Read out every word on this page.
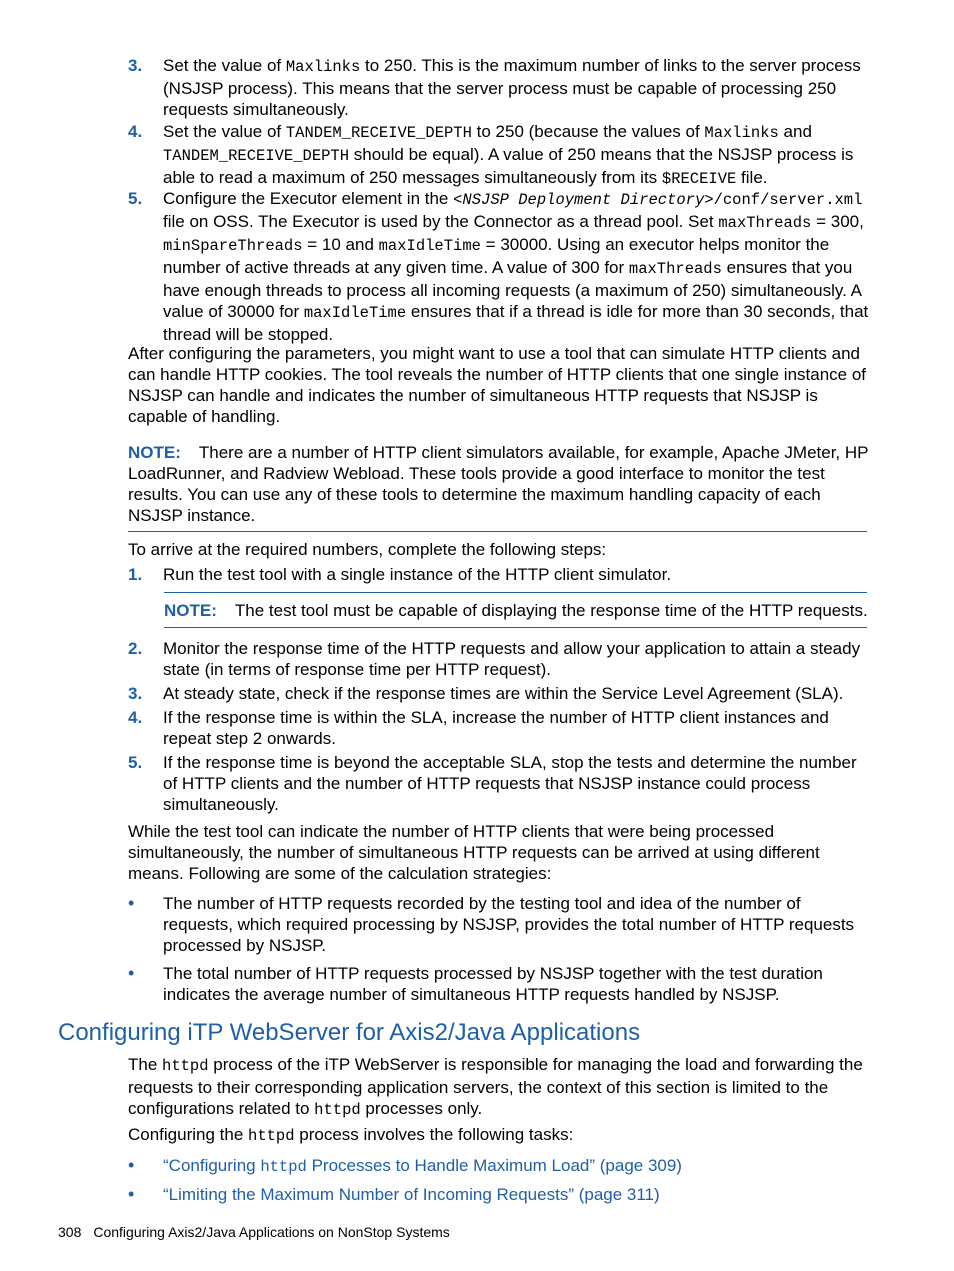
3. Set the value of Maxlinks to 250. This is the maximum number of links to the server process (NSJSP process). This means that the server process must be capable of processing 250 requests simultaneously.
4. Set the value of TANDEM_RECEIVE_DEPTH to 250 (because the values of Maxlinks and TANDEM_RECEIVE_DEPTH should be equal). A value of 250 means that the NSJSP process is able to read a maximum of 250 messages simultaneously from its $RECEIVE file.
5. Configure the Executor element in the <NSJSP Deployment Directory>/conf/server.xml file on OSS. The Executor is used by the Connector as a thread pool. Set maxThreads = 300, minSpareThreads = 10 and maxIdleTime = 30000. Using an executor helps monitor the number of active threads at any given time. A value of 300 for maxThreads ensures that you have enough threads to process all incoming requests (a maximum of 250) simultaneously. A value of 30000 for maxIdleTime ensures that if a thread is idle for more than 30 seconds, that thread will be stopped.
After configuring the parameters, you might want to use a tool that can simulate HTTP clients and can handle HTTP cookies. The tool reveals the number of HTTP clients that one single instance of NSJSP can handle and indicates the number of simultaneous HTTP requests that NSJSP is capable of handling.
NOTE: There are a number of HTTP client simulators available, for example, Apache JMeter, HP LoadRunner, and Radview Webload. These tools provide a good interface to monitor the test results. You can use any of these tools to determine the maximum handling capacity of each NSJSP instance.
To arrive at the required numbers, complete the following steps:
1. Run the test tool with a single instance of the HTTP client simulator.
NOTE: The test tool must be capable of displaying the response time of the HTTP requests.
2. Monitor the response time of the HTTP requests and allow your application to attain a steady state (in terms of response time per HTTP request).
3. At steady state, check if the response times are within the Service Level Agreement (SLA).
4. If the response time is within the SLA, increase the number of HTTP client instances and repeat step 2 onwards.
5. If the response time is beyond the acceptable SLA, stop the tests and determine the number of HTTP clients and the number of HTTP requests that NSJSP instance could process simultaneously.
While the test tool can indicate the number of HTTP clients that were being processed simultaneously, the number of simultaneous HTTP requests can be arrived at using different means. Following are some of the calculation strategies:
• The number of HTTP requests recorded by the testing tool and idea of the number of requests, which required processing by NSJSP, provides the total number of HTTP requests processed by NSJSP.
• The total number of HTTP requests processed by NSJSP together with the test duration indicates the average number of simultaneous HTTP requests handled by NSJSP.
Configuring iTP WebServer for Axis2/Java Applications
The httpd process of the iTP WebServer is responsible for managing the load and forwarding the requests to their corresponding application servers, the context of this section is limited to the configurations related to httpd processes only.
Configuring the httpd process involves the following tasks:
• “Configuring httpd Processes to Handle Maximum Load” (page 309)
• “Limiting the Maximum Number of Incoming Requests” (page 311)
308 Configuring Axis2/Java Applications on NonStop Systems
